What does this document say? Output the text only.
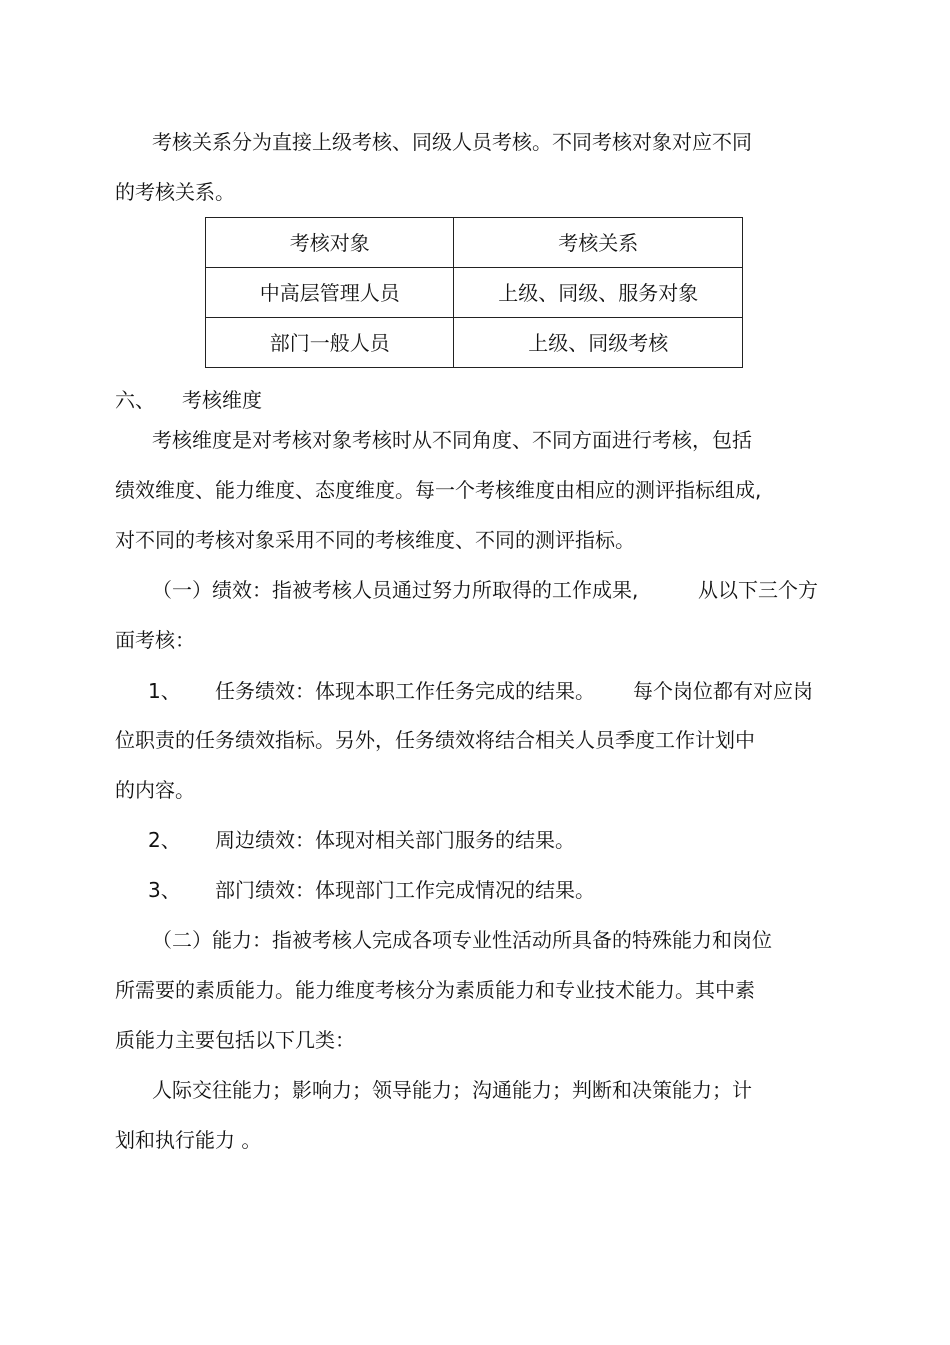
考核关系分为直接上级考核、同级人员考核。不同考核对象对应不同
的考核关系。
考核对象	考核关系
中高层管理人员	上级、同级、服务对象
部门一般人员	上级、同级考核
六、 考核维度
考核维度是对考核对象考核时从不同角度、不同方面进行考核，包括
绩效维度、能力维度、态度维度。每一个考核维度由相应的测评指标组成,
对不同的考核对象采用不同的考核维度、不同的测评指标。
（一） 绩效：指被考核人员通过努力所取得的工作成果,	从以下三个方
面考核：
1、 任务绩效：体现本职工作任务完成的结果。 每个岗位都有对应岗
位职责的任务绩效指标。另外，任务绩效将结合相关人员季度工作计划中
的内容。
2、 周边绩效：体现对相关部门服务的结果。
3、 部门绩效：体现部门工作完成情况的结果。
（二） 能力：指被考核人完成各项专业性活动所具备的特殊能力和岗位
所需要的素质能力。能力维度考核分为素质能力和专业技术能力。其中素
质能力主要包括以下几类：
人际交往能力；影响力；领导能力；沟通能力；判断和决策能力；计
划和执行能力 。
